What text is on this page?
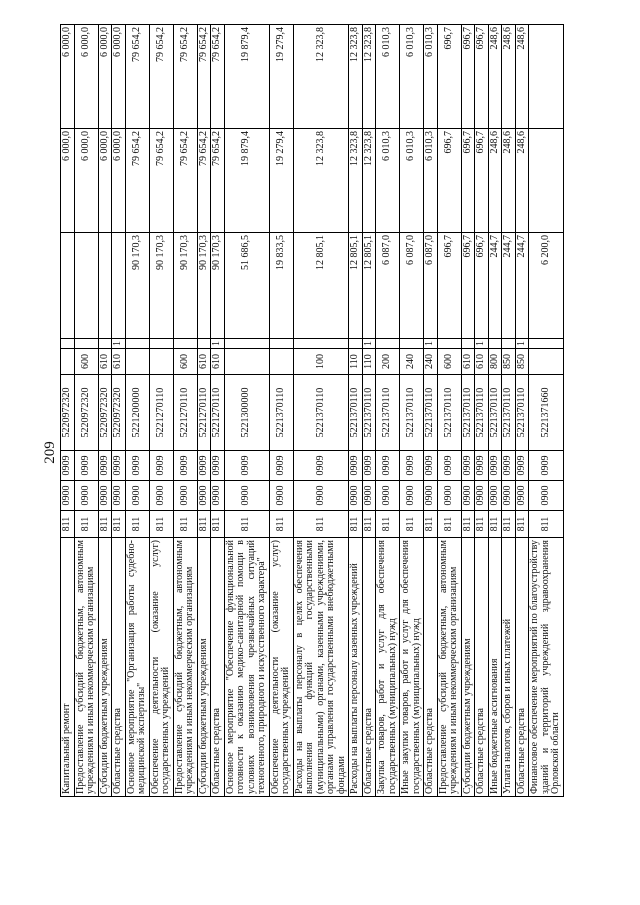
209
Капитальный ремонт	811	0900	0909	5220972320				6 000,0	6 000,0
Предоставление субсидий бюджетным, автономным учреждениям и иным некоммерческим организациям	811	0900	0909	5220972320	600			6 000,0	6 000,0
Субсидии бюджетным учреждениям	811	0900	0909	5220972320	610			6 000,0	6 000,0
Областные средства	811	0900	0909	5220972320	610	1		6 000,0	6 000,0
Основное мероприятие "Организация работы судебно-медицинской экспертизы"	811	0900	0909	5221200000			90 170,3	79 654,2	79 654,2
Обеспечение деятельности (оказание услуг) государственных учреждений	811	0900	0909	5221270110			90 170,3	79 654,2	79 654,2
Предоставление субсидий бюджетным, автономным учреждениям и иным некоммерческим организациям	811	0900	0909	5221270110	600		90 170,3	79 654,2	79 654,2
Субсидии бюджетным учреждениям	811	0900	0909	5221270110	610		90 170,3	79 654,2	79 654,2
Областные средства	811	0900	0909	5221270110	610	1	90 170,3	79 654,2	79 654,2
Основное мероприятие "Обеспечение функциональной готовности к оказанию медико-санитарной помощи в условиях возникновения чрезвычайных ситуаций техногенного, природного и искусственного характера"	811	0900	0909	5221300000			51 686,5	19 879,4	19 879,4
Обеспечение деятельности (оказание услуг) государственных учреждений	811	0900	0909	5221370110			19 833,5	19 279,4	19 279,4
Расходы на выплаты персоналу в целях обеспечения выполнения функций государственными (муниципальными) органами, казенными учреждениями, органами управления государственными внебюджетными фондами	811	0900	0909	5221370110	100		12 805,1	12 323,8	12 323,8
Расходы на выплаты персоналу казенных учреждений	811	0900	0909	5221370110	110		12 805,1	12 323,8	12 323,8
Областные средства	811	0900	0909	5221370110	110	1	12 805,1	12 323,8	12 323,8
Закупка товаров, работ и услуг для обеспечения государственных (муниципальных) нужд	811	0900	0909	5221370110	200		6 087,0	6 010,3	6 010,3
Иные закупки товаров, работ и услуг для обеспечения государственных (муниципальных) нужд	811	0900	0909	5221370110	240		6 087,0	6 010,3	6 010,3
Областные средства	811	0900	0909	5221370110	240	1	6 087,0	6 010,3	6 010,3
Предоставление субсидий бюджетным, автономным учреждениям и иным некоммерческим организациям	811	0900	0909	5221370110	600		696,7	696,7	696,7
Субсидии бюджетным учреждениям	811	0900	0909	5221370110	610		696,7	696,7	696,7
Областные средства	811	0900	0909	5221370110	610	1	696,7	696,7	696,7
Иные бюджетные ассигнования	811	0900	0909	5221370110	800		244,7	248,6	248,6
Уплата налогов, сборов и иных платежей	811	0900	0909	5221370110	850		244,7	248,6	248,6
Областные средства	811	0900	0909	5221370110	850	1	244,7	248,6	248,6
Финансовое обеспечение мероприятий по благоустройству зданий и территорий учреждений здравоохранения Орловской области	811	0900	0909	5221371660			6 200,0		
